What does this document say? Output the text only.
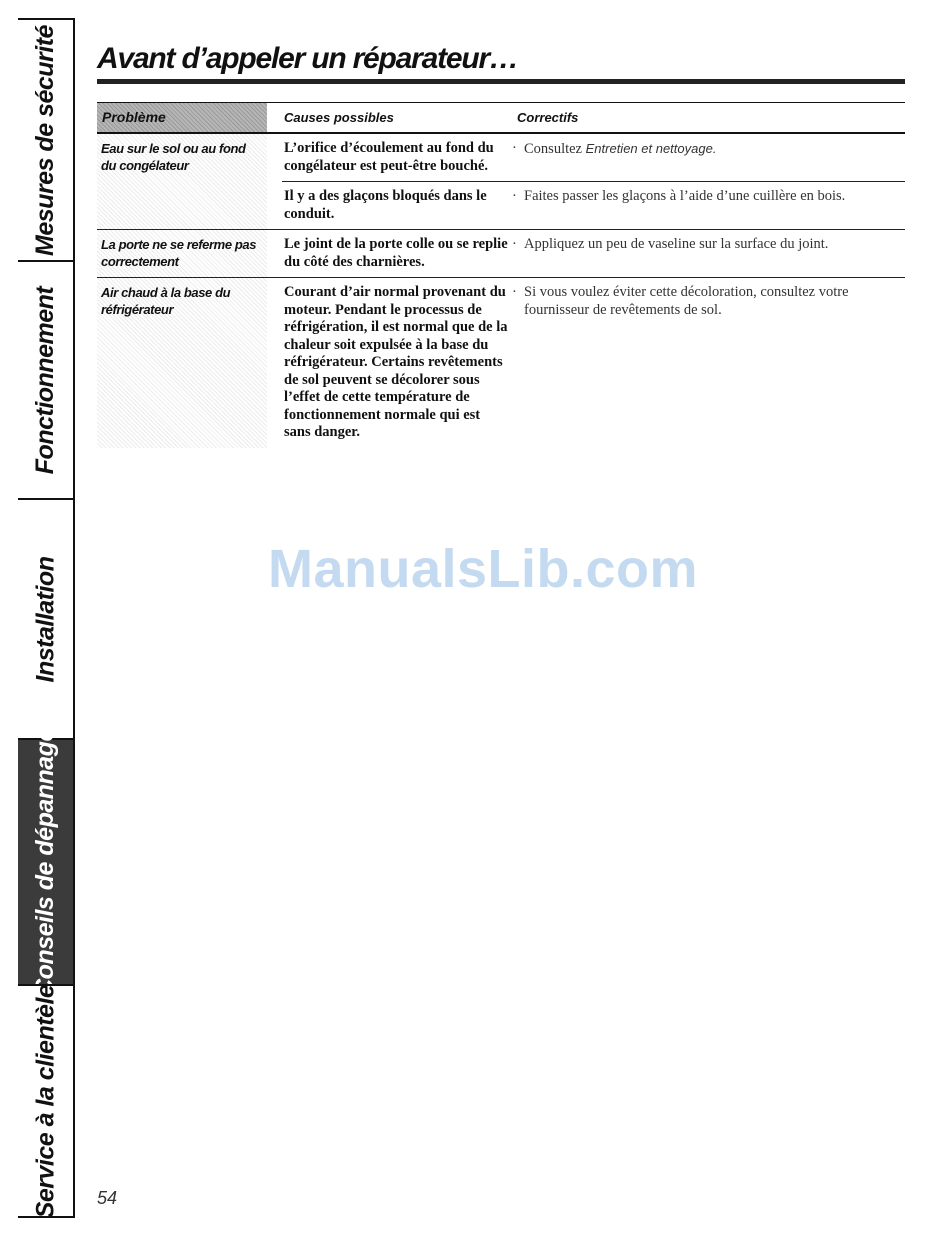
Mesures de sécurité
Fonctionnement
Installation
Conseils de dépannage
Service à la clientèle
Avant d’appeler un réparateur…
Problème	Causes possibles	Correctifs
Eau sur le sol ou au fond du congélateur
L’orifice d’écoulement au fond du congélateur est peut-être bouché.
· Consultez Entretien et nettoyage.
Il y a des glaçons bloqués dans le conduit.
· Faites passer les glaçons à l’aide d’une cuillère en bois.
La porte ne se referme pas correctement
Le joint de la porte colle ou se replie du côté des charnières.
· Appliquez un peu de vaseline sur la surface du joint.
Air chaud à la base du réfrigérateur
Courant d’air normal provenant du moteur. Pendant le processus de réfrigération, il est normal que de la chaleur soit expulsée à la base du réfrigérateur. Certains revêtements de sol peuvent se décolorer sous l’effet de cette température de fonctionnement normale qui est sans danger.
· Si vous voulez éviter cette décoloration, consultez votre fournisseur de revêtements de sol.
ManualsLib.com
54
